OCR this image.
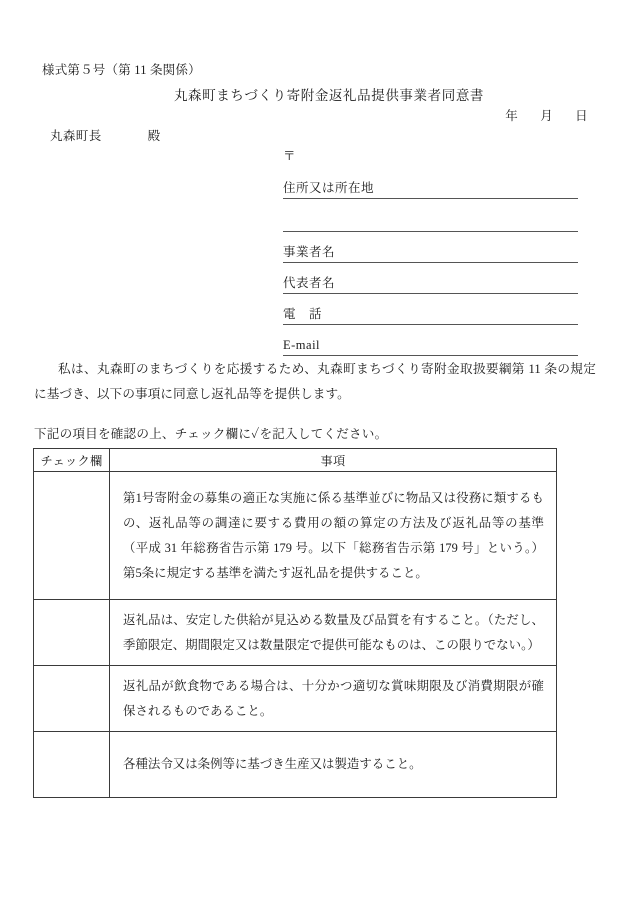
様式第５号（第 11 条関係）
丸森町まちづくり寄附金返礼品提供事業者同意書
年 月 日
丸森町長	殿
〒
住所又は所在地
事業者名
代表者名
電　話
E-mail
私は、丸森町のまちづくりを応援するため、丸森町まちづくり寄附金取扱要綱第 11 条の規定に基づき、以下の事項に同意し返礼品等を提供します。
下記の項目を確認の上、チェック欄に✓を記入してください。
チェック欄	事項
	第1号寄附金の募集の適正な実施に係る基準並びに物品又は役務に類するもの、返礼品等の調達に要する費用の額の算定の方法及び返礼品等の基準（平成 31 年総務省告示第 179 号。以下「総務省告示第 179 号」という。）第5条に規定する基準を満たす返礼品を提供すること。
	返礼品は、安定した供給が見込める数量及び品質を有すること。（ただし、季節限定、期間限定又は数量限定で提供可能なものは、この限りでない。）
	返礼品が飲食物である場合は、十分かつ適切な賞味期限及び消費期限が確保されるものであること。
	各種法令又は条例等に基づき生産又は製造すること。
